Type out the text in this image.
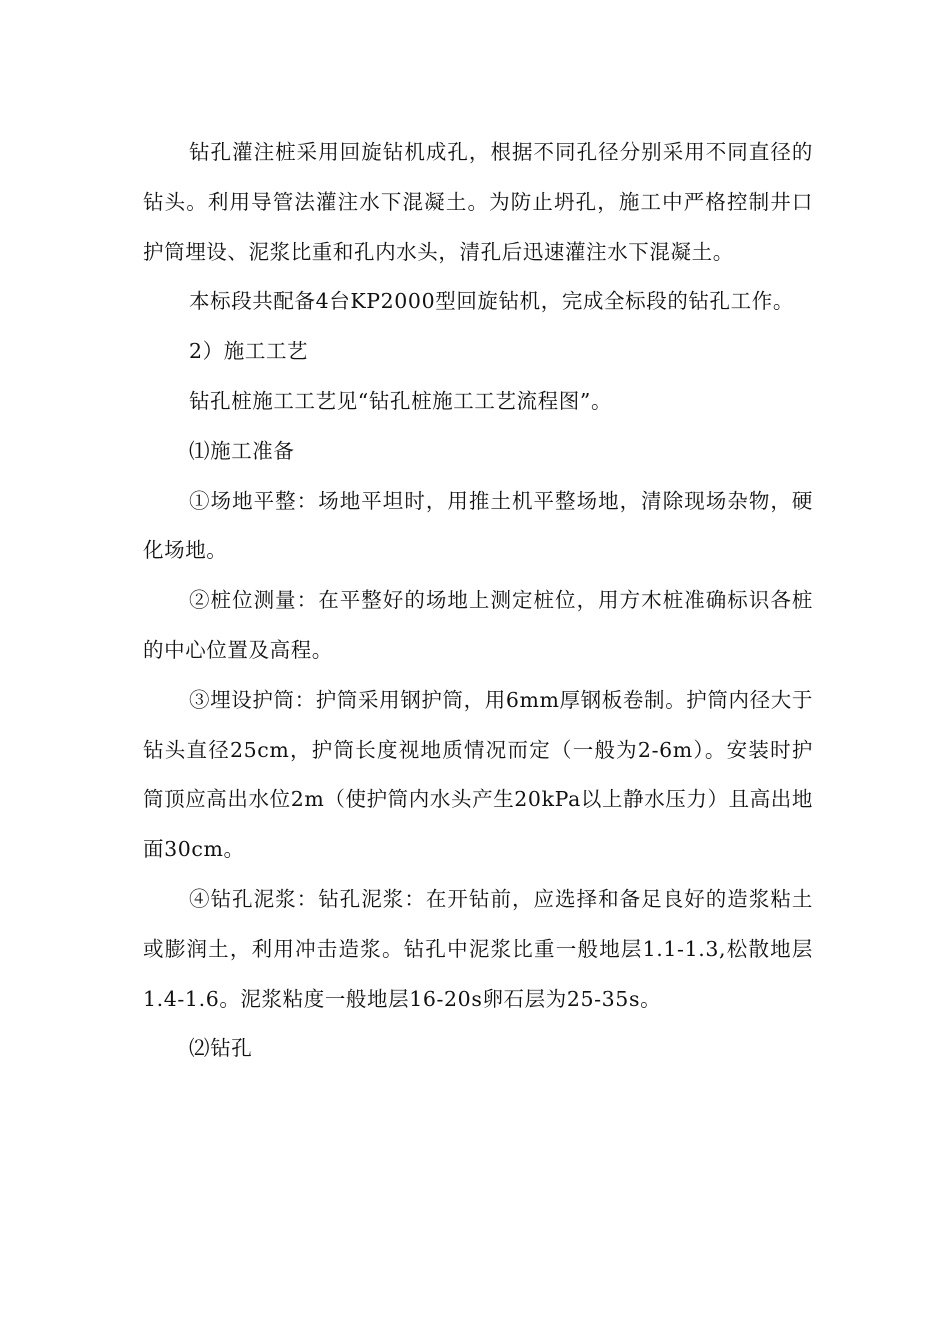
钻孔灌注桩采用回旋钻机成孔，根据不同孔径分别采用不同直径的钻头。利用导管法灌注水下混凝土。为防止坍孔，施工中严格控制井口护筒埋设、泥浆比重和孔内水头，清孔后迅速灌注水下混凝土。

本标段共配备4台KP2000型回旋钻机，完成全标段的钻孔工作。

2）施工工艺

钻孔桩施工工艺见“钻孔桩施工工艺流程图”。

⑴施工准备

①场地平整：场地平坦时，用推土机平整场地，清除现场杂物，硬化场地。

②桩位测量：在平整好的场地上测定桩位，用方木桩准确标识各桩的中心位置及高程。

③埋设护筒：护筒采用钢护筒，用6mm厚钢板卷制。护筒内径大于钻头直径25cm，护筒长度视地质情况而定（一般为2-6m）。安装时护筒顶应高出水位2m（使护筒内水头产生20kPa以上静水压力）且高出地面30cm。

④钻孔泥浆：钻孔泥浆：在开钻前，应选择和备足良好的造浆粘土或膨润土，利用冲击造浆。钻孔中泥浆比重一般地层1.1-1.3,松散地层1.4-1.6。泥浆粘度一般地层16-20s卵石层为25-35s。

⑵钻孔
